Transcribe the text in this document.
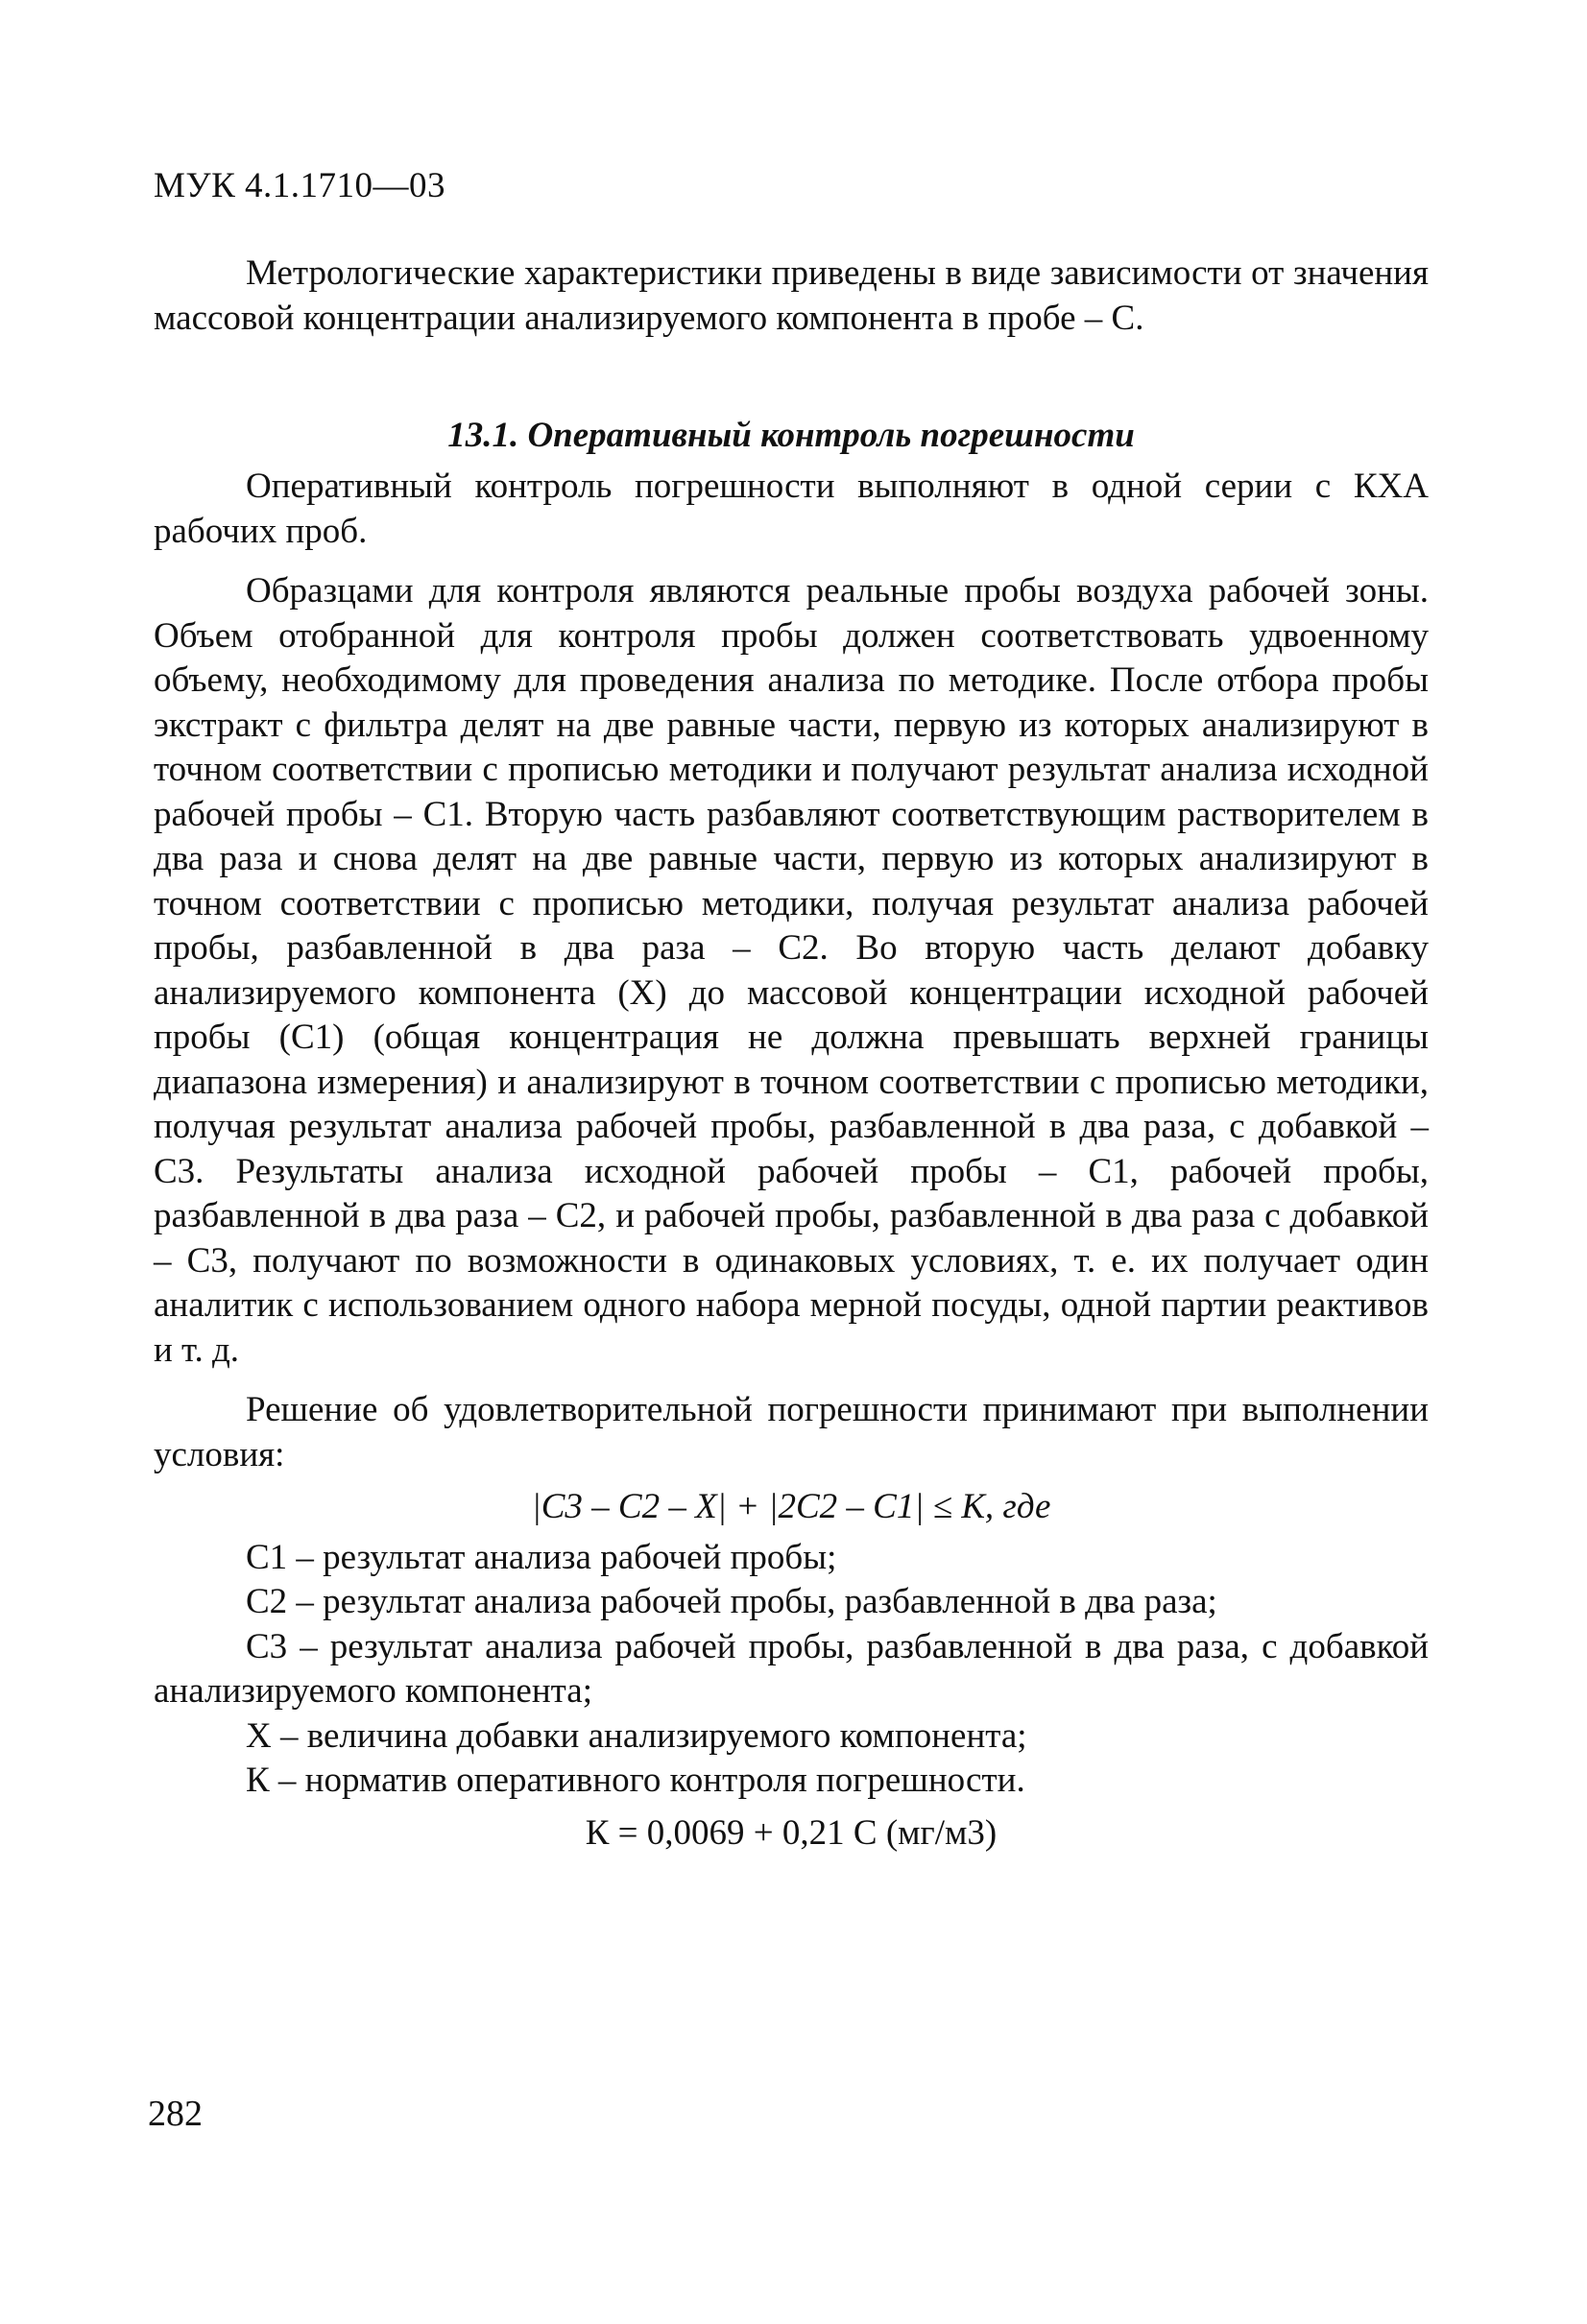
МУК 4.1.1710—03

Метрологические характеристики приведены в виде зависимости от значения массовой концентрации анализируемого компонента в пробе – С.

13.1. Оперативный контроль погрешности

Оперативный контроль погрешности выполняют в одной серии с КХА рабочих проб.

Образцами для контроля являются реальные пробы воздуха рабочей зоны. Объем отобранной для контроля пробы должен соответствовать удвоенному объему, необходимому для проведения анализа по методике. После отбора пробы экстракт с фильтра делят на две равные части, первую из которых анализируют в точном соответствии с прописью методики и получают результат анализа исходной рабочей пробы – С1. Вторую часть разбавляют соответствующим растворителем в два раза и снова делят на две равные части, первую из которых анализируют в точном соответствии с прописью методики, получая результат анализа рабочей пробы, разбавленной в два раза – С2. Во вторую часть делают добавку анализируемого компонента (Х) до массовой концентрации исходной рабочей пробы (С1) (общая концентрация не должна превышать верхней границы диапазона измерения) и анализируют в точном соответствии с прописью методики, получая результат анализа рабочей пробы, разбавленной в два раза, с добавкой – С3. Результаты анализа исходной рабочей пробы – С1, рабочей пробы, разбавленной в два раза – С2, и рабочей пробы, разбавленной в два раза с добавкой – С3, получают по возможности в одинаковых условиях, т. е. их получает один аналитик с использованием одного набора мерной посуды, одной партии реактивов и т. д.

Решение об удовлетворительной погрешности принимают при выполнении условия:

|С3 – С2 – Х| + |2С2 – С1| ≤ К, где

С1 – результат анализа рабочей пробы;

С2 – результат анализа рабочей пробы, разбавленной в два раза;

С3 – результат анализа рабочей пробы, разбавленной в два раза, с добавкой анализируемого компонента;

Х – величина добавки анализируемого компонента;

К – норматив оперативного контроля погрешности.

К = 0,0069 + 0,21 С (мг/м3)
282
